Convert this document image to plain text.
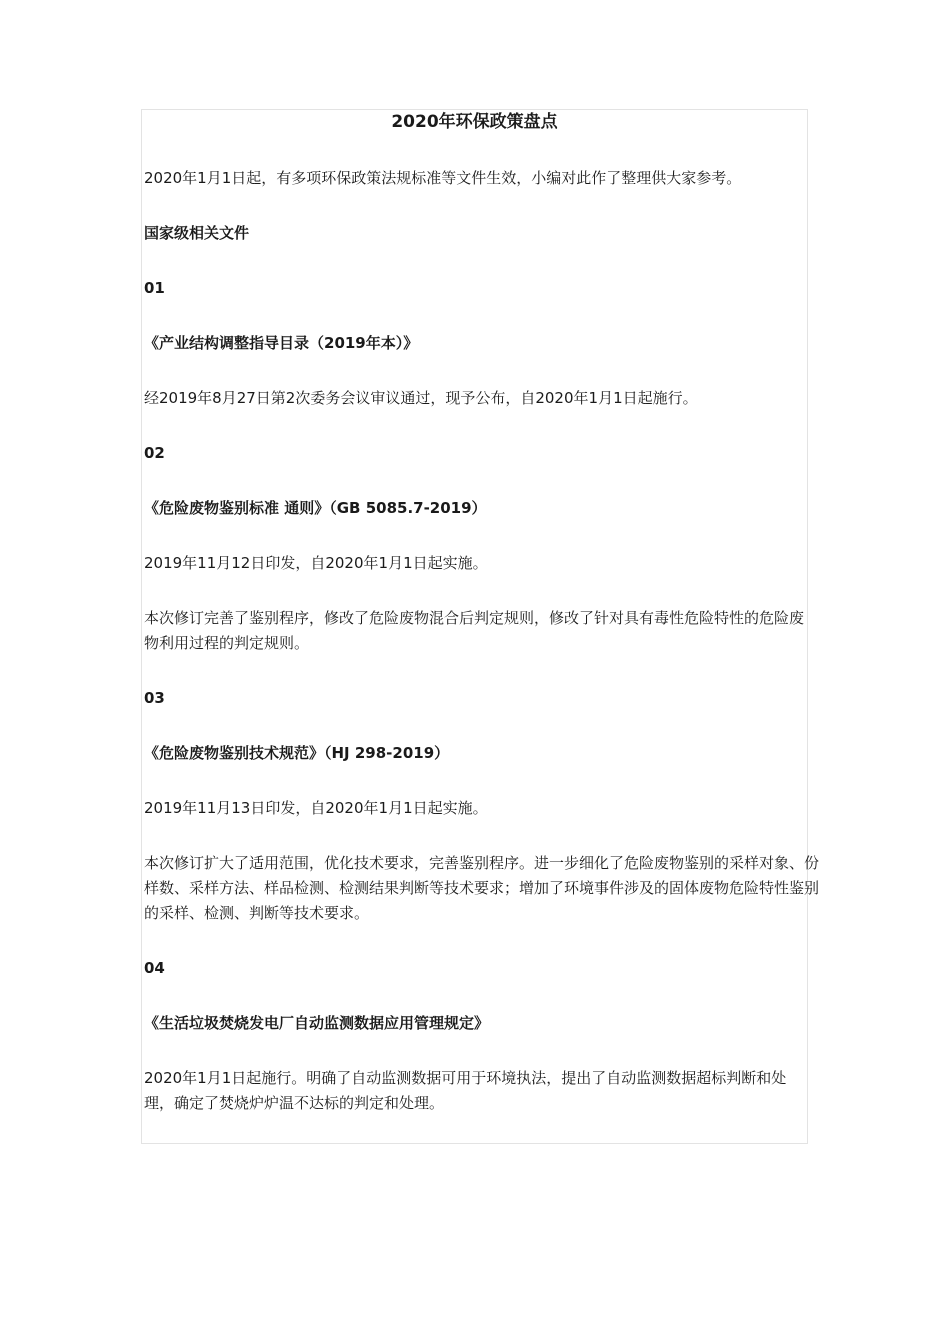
2020年环保政策盘点
2020年1月1日起，有多项环保政策法规标准等文件生效，小编对此作了整理供大家参考。
国家级相关文件
01
《产业结构调整指导目录（2019年本）》
经2019年8月27日第2次委务会议审议通过，现予公布，自2020年1月1日起施行。
02
《危险废物鉴别标准 通则》（GB 5085.7-2019）
2019年11月12日印发，自2020年1月1日起实施。
本次修订完善了鉴别程序，修改了危险废物混合后判定规则，修改了针对具有毒性危险特性的危险废物利用过程的判定规则。
03
《危险废物鉴别技术规范》（HJ 298-2019）
2019年11月13日印发，自2020年1月1日起实施。
本次修订扩大了适用范围，优化技术要求，完善鉴别程序。进一步细化了危险废物鉴别的采样对象、份样数、采样方法、样品检测、检测结果判断等技术要求；增加了环境事件涉及的固体废物危险特性鉴别的采样、检测、判断等技术要求。
04
《生活垃圾焚烧发电厂自动监测数据应用管理规定》
2020年1月1日起施行。明确了自动监测数据可用于环境执法，提出了自动监测数据超标判断和处理，确定了焚烧炉炉温不达标的判定和处理。
